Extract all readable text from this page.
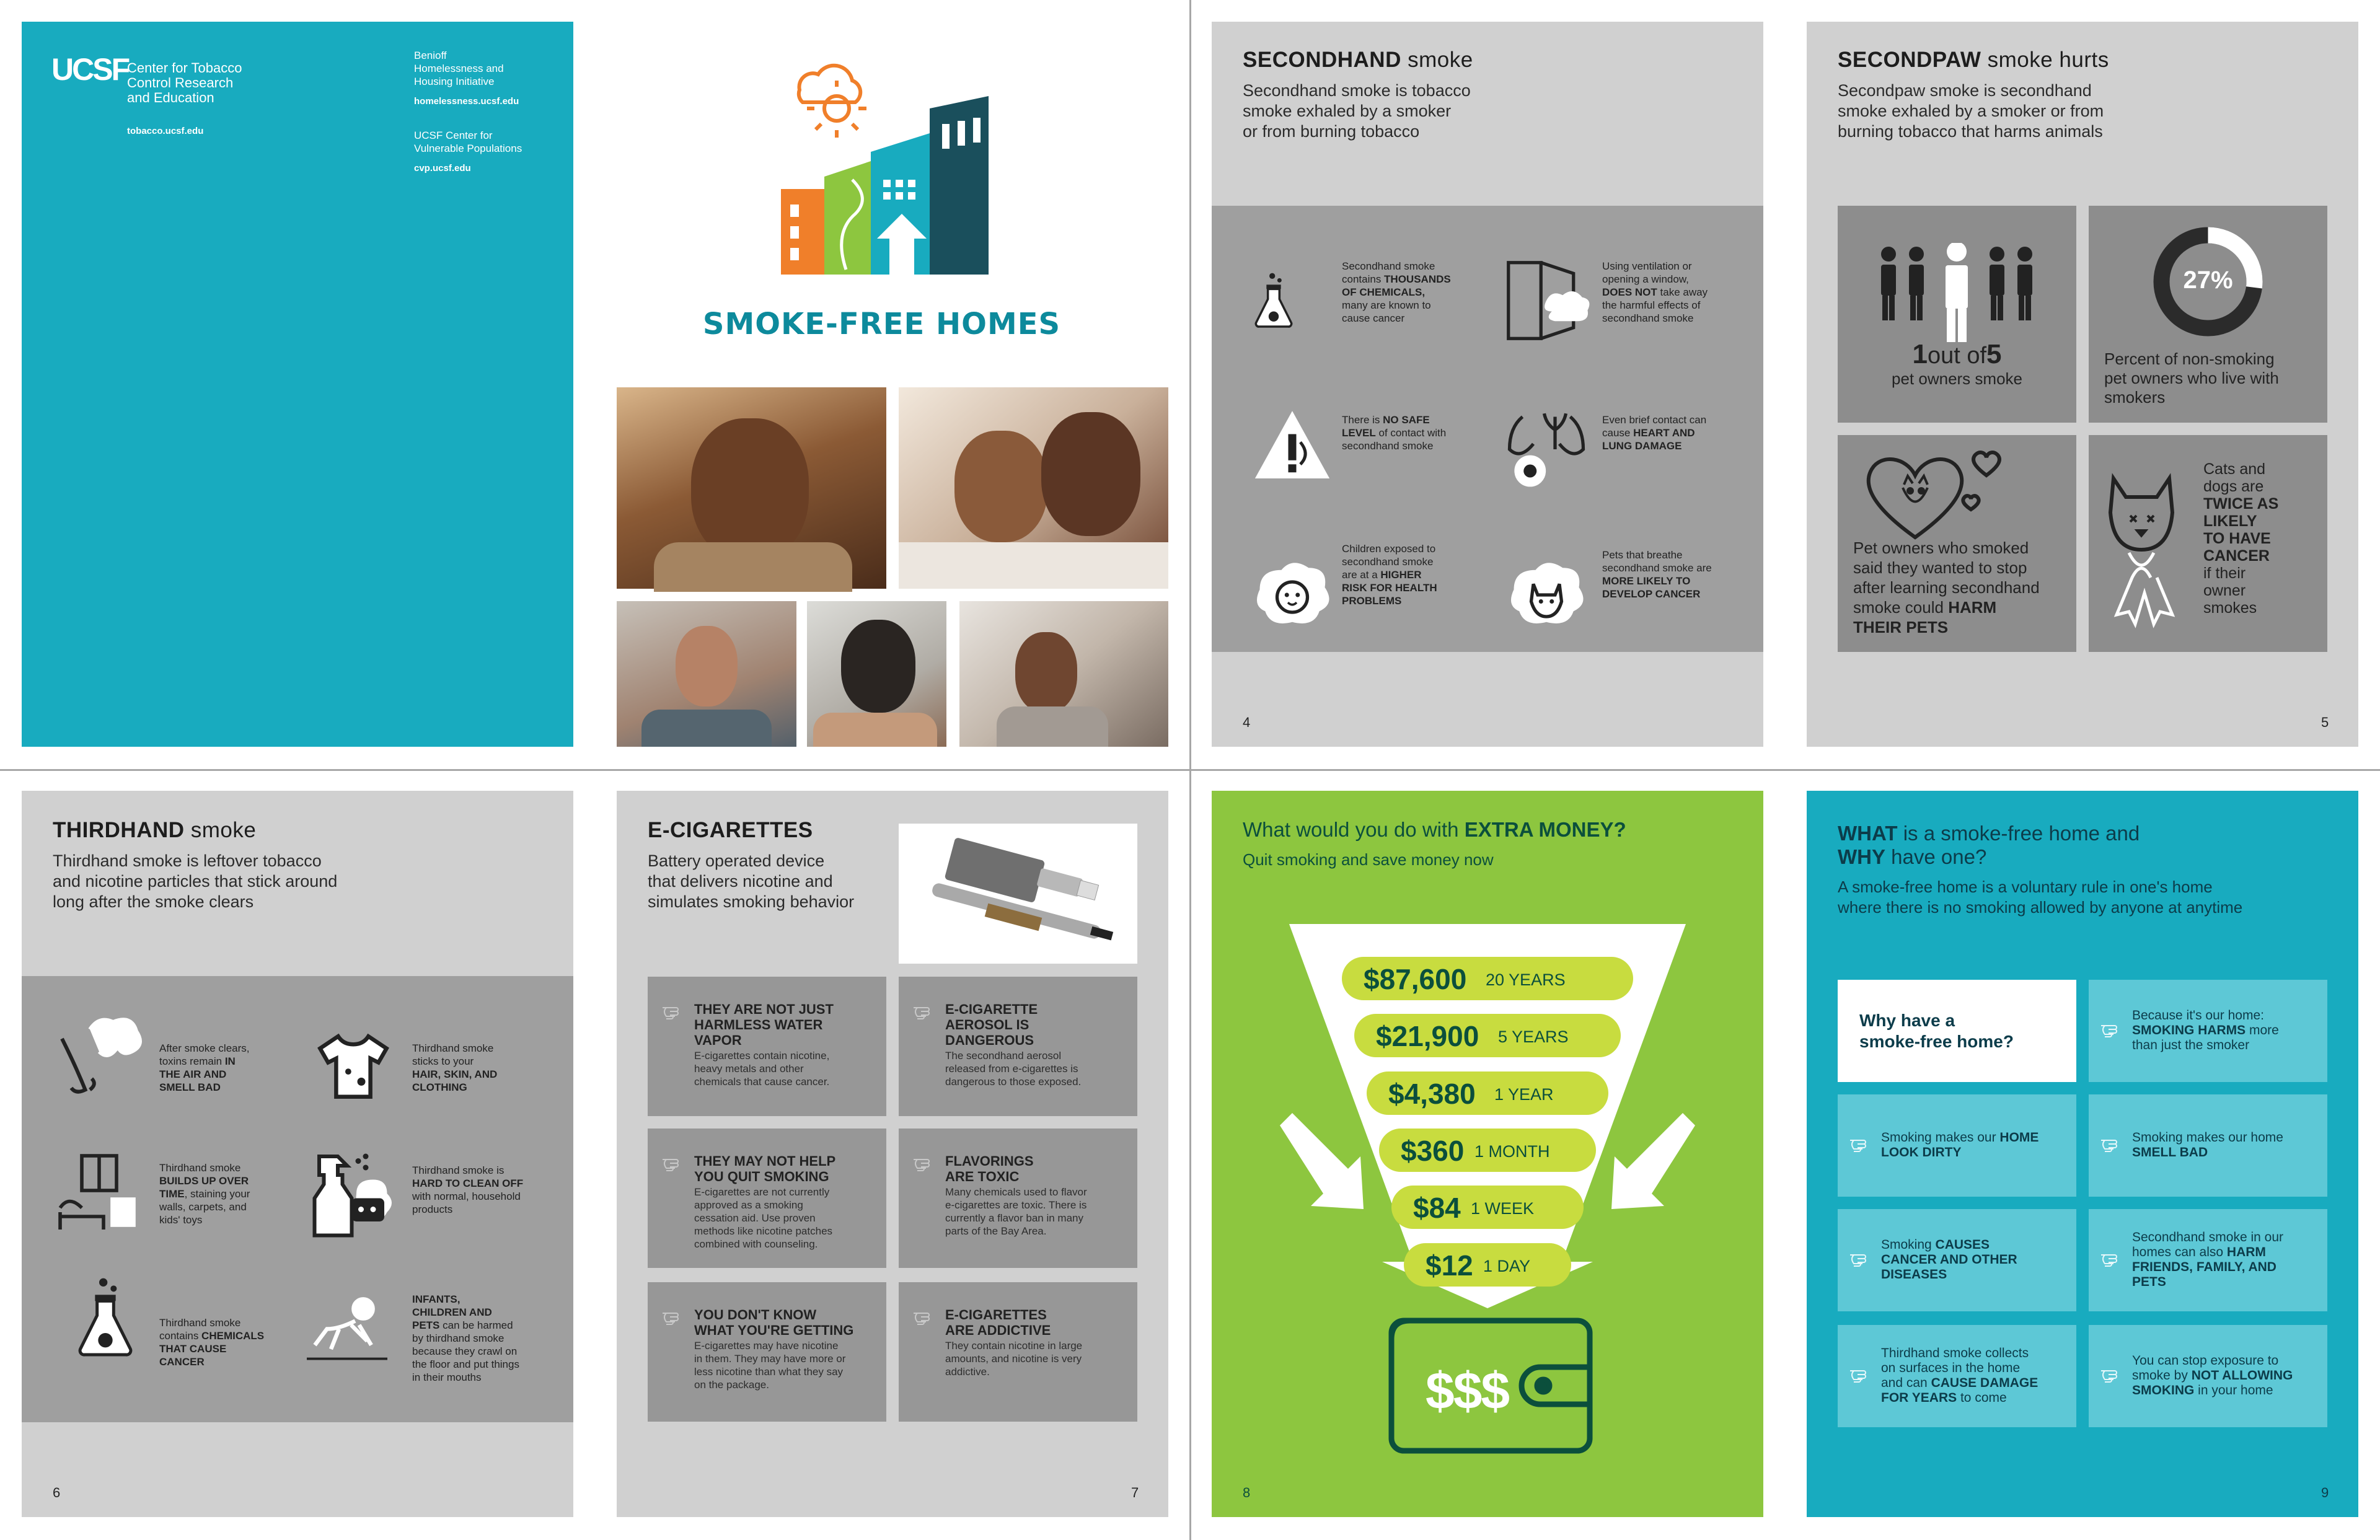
UCSF
Center for Tobacco
Control Research
and Education
tobacco.ucsf.edu
Benioff
Homelessness and
Housing Initiative
homelessness.ucsf.edu
UCSF Center for
Vulnerable Populations
cvp.ucsf.edu
SMOKE-FREE HOMES
SECONDHAND smoke
Secondhand smoke is tobacco
smoke exhaled by a smoker
or from burning tobacco
Secondhand smoke
contains THOUSANDS
OF CHEMICALS,
many are known to
cause cancer
Using ventilation or
opening a window,
DOES NOT take away
the harmful effects of
secondhand smoke
There is NO SAFE
LEVEL of contact with
secondhand smoke
Even brief contact can
cause HEART AND
LUNG DAMAGE
Children exposed to
secondhand smoke
are at a HIGHER
RISK FOR HEALTH
PROBLEMS
Pets that breathe
secondhand smoke are
MORE LIKELY TO
DEVELOP CANCER
4
SECONDPAW smoke hurts
Secondpaw smoke is secondhand
smoke exhaled by a smoker or from
burning tobacco that harms animals
1out of5
pet owners smoke
27%
Percent of non-smoking
pet owners who live with
smokers
Pet owners who smoked
said they wanted to stop
after learning secondhand
smoke could HARM
THEIR PETS
Cats and
dogs are
TWICE AS
LIKELY
TO HAVE
CANCER
if their
owner
smokes
5
THIRDHAND smoke
Thirdhand smoke is leftover tobacco
and nicotine particles that stick around
long after the smoke clears
After smoke clears,
toxins remain IN
THE AIR AND
SMELL BAD
Thirdhand smoke
sticks to your
HAIR, SKIN, AND
CLOTHING
Thirdhand smoke
BUILDS UP OVER
TIME, staining your
walls, carpets, and
kids' toys
Thirdhand smoke is
HARD TO CLEAN OFF
with normal, household
products
Thirdhand smoke
contains CHEMICALS
THAT CAUSE
CANCER
INFANTS,
CHILDREN AND
PETS can be harmed
by thirdhand smoke
because they crawl on
the floor and put things
in their mouths
6
E-CIGARETTES
Battery operated device
that delivers nicotine and
simulates smoking behavior
THEY ARE NOT JUST
HARMLESS WATER
VAPOR
E-cigarettes contain nicotine,
heavy metals and other
chemicals that cause cancer.
E-CIGARETTE
AEROSOL IS
DANGEROUS
The secondhand aerosol
released from e-cigarettes is
dangerous to those exposed.
THEY MAY NOT HELP
YOU QUIT SMOKING
E-cigarettes are not currently
approved as a smoking
cessation aid. Use proven
methods like nicotine patches
combined with counseling.
FLAVORINGS
ARE TOXIC
Many chemicals used to flavor
e-cigarettes are toxic. There is
currently a flavor ban in many
parts of the Bay Area.
YOU DON'T KNOW
WHAT YOU'RE GETTING
E-cigarettes may have nicotine
in them. They may have more or
less nicotine than what they say
on the package.
E-CIGARETTES
ARE ADDICTIVE
They contain nicotine in large
amounts, and nicotine is very
addictive.
7
What would you do with EXTRA MONEY?
Quit smoking and save money now
$87,600 20 YEARS
$21,900 5 YEARS
$4,380 1 YEAR
$360 1 MONTH
$84 1 WEEK
$12 1 DAY
$$$
8
WHAT is a smoke-free home and
WHY have one?
A smoke-free home is a voluntary rule in one's home
where there is no smoking allowed by anyone at anytime
Why have a
smoke-free home?
Because it's our home:
SMOKING HARMS more
than just the smoker
Smoking makes our HOME
LOOK DIRTY
Smoking makes our home
SMELL BAD
Smoking CAUSES
CANCER AND OTHER
DISEASES
Secondhand smoke in our
homes can also HARM
FRIENDS, FAMILY, AND
PETS
Thirdhand smoke collects
on surfaces in the home
and can CAUSE DAMAGE
FOR YEARS to come
You can stop exposure to
smoke by NOT ALLOWING
SMOKING in your home
9
